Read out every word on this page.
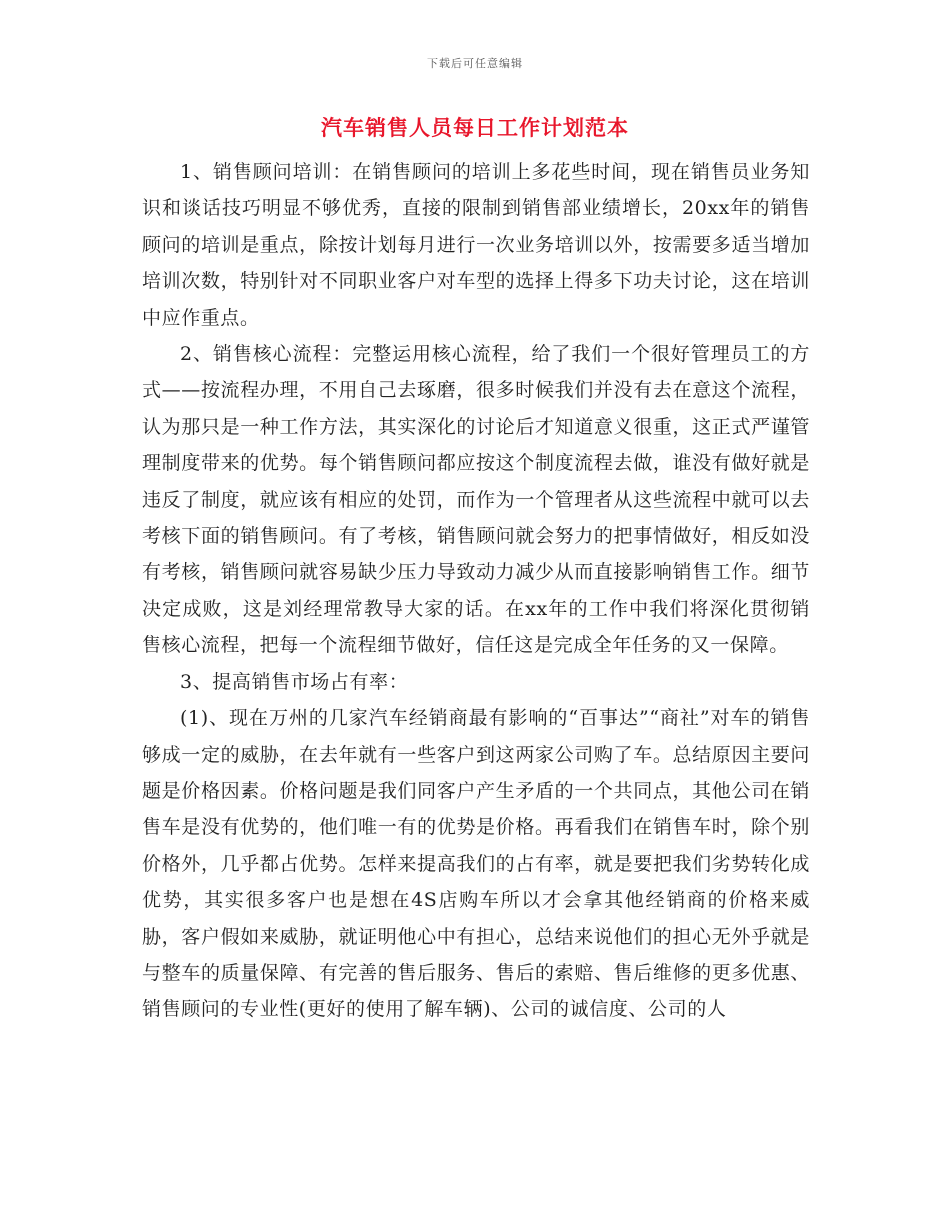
下载后可任意编辑
汽车销售人员每日工作计划范本

1、销售顾问培训：在销售顾问的培训上多花些时间，现在销售员业务知识和谈话技巧明显不够优秀，直接的限制到销售部业绩增长，20xx年的销售顾问的培训是重点，除按计划每月进行一次业务培训以外，按需要多适当增加培训次数，特别针对不同职业客户对车型的选择上得多下功夫讨论，这在培训中应作重点。

2、销售核心流程：完整运用核心流程，给了我们一个很好管理员工的方式——按流程办理，不用自己去琢磨，很多时候我们并没有去在意这个流程，认为那只是一种工作方法，其实深化的讨论后才知道意义很重，这正式严谨管理制度带来的优势。每个销售顾问都应按这个制度流程去做，谁没有做好就是违反了制度，就应该有相应的处罚，而作为一个管理者从这些流程中就可以去考核下面的销售顾问。有了考核，销售顾问就会努力的把事情做好，相反如没有考核，销售顾问就容易缺少压力导致动力减少从而直接影响销售工作。细节决定成败，这是刘经理常教导大家的话。在xx年的工作中我们将深化贯彻销售核心流程，把每一个流程细节做好，信任这是完成全年任务的又一保障。

3、提高销售市场占有率：

(1)、现在万州的几家汽车经销商最有影响的“百事达”“商社”对车的销售够成一定的威胁，在去年就有一些客户到这两家公司购了车。总结原因主要问题是价格因素。价格问题是我们同客户产生矛盾的一个共同点，其他公司在销售车是没有优势的，他们唯一有的优势是价格。再看我们在销售车时，除个别价格外，几乎都占优势。怎样来提高我们的占有率，就是要把我们劣势转化成优势，其实很多客户也是想在4S店购车所以才会拿其他经销商的价格来威胁，客户假如来威胁，就证明他心中有担心，总结来说他们的担心无外乎就是与整车的质量保障、有完善的售后服务、售后的索赔、售后维修的更多优惠、销售顾问的专业性(更好的使用了解车辆)、公司的诚信度、公司的人
